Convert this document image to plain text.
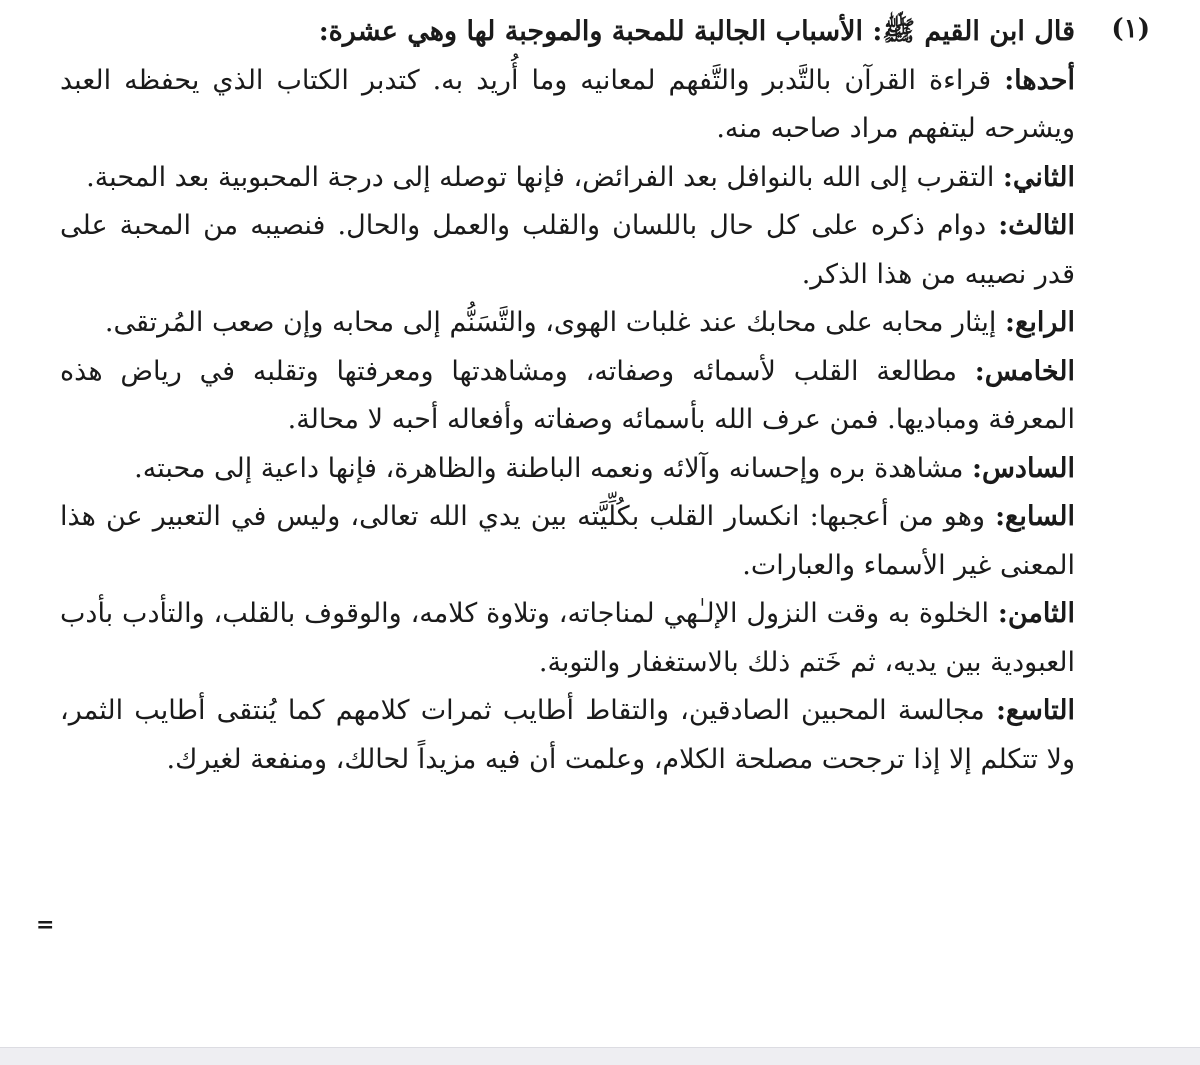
(١)

قال ابن القيم ﷺ: الأسباب الجالبة للمحبة والموجبة لها وهي عشرة:

أحدها: قراءة القرآن بالتَّدبر والتَّفهم لمعانيه وما أُريد به. كتدبر الكتاب الذي يحفظه العبد ويشرحه ليتفهم مراد صاحبه منه.

الثاني: التقرب إلى الله بالنوافل بعد الفرائض، فإنها توصله إلى درجة المحبوبية بعد المحبة.

الثالث: دوام ذكره على كل حال باللسان والقلب والعمل والحال. فنصيبه من المحبة على قدر نصيبه من هذا الذكر.

الرابع: إيثار محابه على محابك عند غلبات الهوى، والتَّسَنُّم إلى محابه وإن صعب المُرتقى.

الخامس: مطالعة القلب لأسمائه وصفاته، ومشاهدتها ومعرفتها وتقلبه في رياض هذه المعرفة ومباديها. فمن عرف الله بأسمائه وصفاته وأفعاله أحبه لا محالة.

السادس: مشاهدة بره وإحسانه وآلائه ونعمه الباطنة والظاهرة، فإنها داعية إلى محبته.

السابع: وهو من أعجبها: انكسار القلب بكُلِّيَّته بين يدي الله تعالى، وليس في التعبير عن هذا المعنى غير الأسماء والعبارات.

الثامن: الخلوة به وقت النزول الإلـٰهي لمناجاته، وتلاوة كلامه، والوقوف بالقلب، والتأدب بأدب العبودية بين يديه، ثم خَتم ذلك بالاستغفار والتوبة.

التاسع: مجالسة المحبين الصادقين، والتقاط أطايب ثمرات كلامهم كما يُنتقى أطايب الثمر، ولا تتكلم إلا إذا ترجحت مصلحة الكلام، وعلمت أن فيه مزيداً لحالك، ومنفعة لغيرك.

=
